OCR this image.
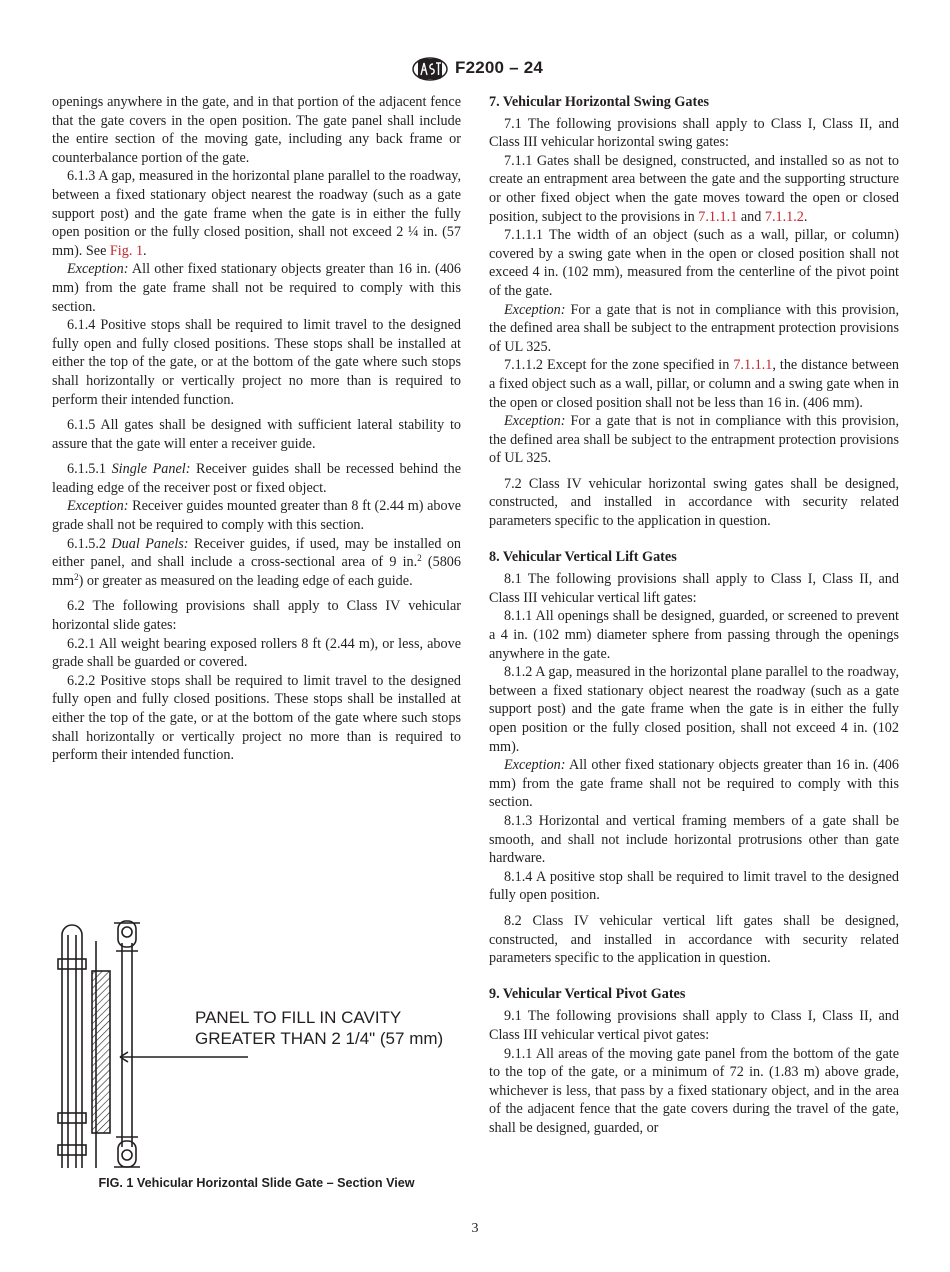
F2200 – 24

openings anywhere in the gate, and in that portion of the adjacent fence that the gate covers in the open position. The gate panel shall include the entire section of the moving gate, including any back frame or counterbalance portion of the gate.

6.1.3 A gap, measured in the horizontal plane parallel to the roadway, between a fixed stationary object nearest the roadway (such as a gate support post) and the gate frame when the gate is in either the fully open position or the fully closed position, shall not exceed 2 ¼ in. (57 mm). See Fig. 1.

Exception: All other fixed stationary objects greater than 16 in. (406 mm) from the gate frame shall not be required to comply with this section.

6.1.4 Positive stops shall be required to limit travel to the designed fully open and fully closed positions. These stops shall be installed at either the top of the gate, or at the bottom of the gate where such stops shall horizontally or vertically project no more than is required to perform their intended function.

6.1.5 All gates shall be designed with sufficient lateral stability to assure that the gate will enter a receiver guide.

6.1.5.1 Single Panel: Receiver guides shall be recessed behind the leading edge of the receiver post or fixed object.

Exception: Receiver guides mounted greater than 8 ft (2.44 m) above grade shall not be required to comply with this section.

6.1.5.2 Dual Panels: Receiver guides, if used, may be installed on either panel, and shall include a cross-sectional area of 9 in.$^2$ (5806 $mm^2$) or greater as measured on the leading edge of each guide.

6.2 The following provisions shall apply to Class IV vehicular horizontal slide gates:

6.2.1 All weight bearing exposed rollers 8 ft (2.44 m), or less, above grade shall be guarded or covered.

6.2.2 Positive stops shall be required to limit travel to the designed fully open and fully closed positions. These stops shall be installed at either the top of the gate, or at the bottom of the gate where such stops shall horizontally or vertically project no more than is required to perform their intended function.

PANEL TO FILL IN CAVITY
GREATER THAN 2 1/4" (57 mm)
FIG. 1 Vehicular Horizontal Slide Gate – Section View
7. Vehicular Horizontal Swing Gates

7.1 The following provisions shall apply to Class I, Class II, and Class III vehicular horizontal swing gates:

7.1.1 Gates shall be designed, constructed, and installed so as not to create an entrapment area between the gate and the supporting structure or other fixed object when the gate moves toward the open or closed position, subject to the provisions in 7.1.1.1 and 7.1.1.2.

7.1.1.1 The width of an object (such as a wall, pillar, or column) covered by a swing gate when in the open or closed position shall not exceed 4 in. (102 mm), measured from the centerline of the pivot point of the gate.

Exception: For a gate that is not in compliance with this provision, the defined area shall be subject to the entrapment protection provisions of UL 325.

7.1.1.2 Except for the zone specified in 7.1.1.1, the distance between a fixed object such as a wall, pillar, or column and a swing gate when in the open or closed position shall not be less than 16 in. (406 mm).

Exception: For a gate that is not in compliance with this provision, the defined area shall be subject to the entrapment protection provisions of UL 325.

7.2 Class IV vehicular horizontal swing gates shall be designed, constructed, and installed in accordance with security related parameters specific to the application in question.

8. Vehicular Vertical Lift Gates

8.1 The following provisions shall apply to Class I, Class II, and Class III vehicular vertical lift gates:

8.1.1 All openings shall be designed, guarded, or screened to prevent a 4 in. (102 mm) diameter sphere from passing through the openings anywhere in the gate.

8.1.2 A gap, measured in the horizontal plane parallel to the roadway, between a fixed stationary object nearest the roadway (such as a gate support post) and the gate frame when the gate is in either the fully open position or the fully closed position, shall not exceed 4 in. (102 mm).

Exception: All other fixed stationary objects greater than 16 in. (406 mm) from the gate frame shall not be required to comply with this section.

8.1.3 Horizontal and vertical framing members of a gate shall be smooth, and shall not include horizontal protrusions other than gate hardware.

8.1.4 A positive stop shall be required to limit travel to the designed fully open position.

8.2 Class IV vehicular vertical lift gates shall be designed, constructed, and installed in accordance with security related parameters specific to the application in question.

9. Vehicular Vertical Pivot Gates

9.1 The following provisions shall apply to Class I, Class II, and Class III vehicular vertical pivot gates:

9.1.1 All areas of the moving gate panel from the bottom of the gate to the top of the gate, or a minimum of 72 in. (1.83 m) above grade, whichever is less, that pass by a fixed stationary object, and in the area of the adjacent fence that the gate covers during the travel of the gate, shall be designed, guarded, or

3
